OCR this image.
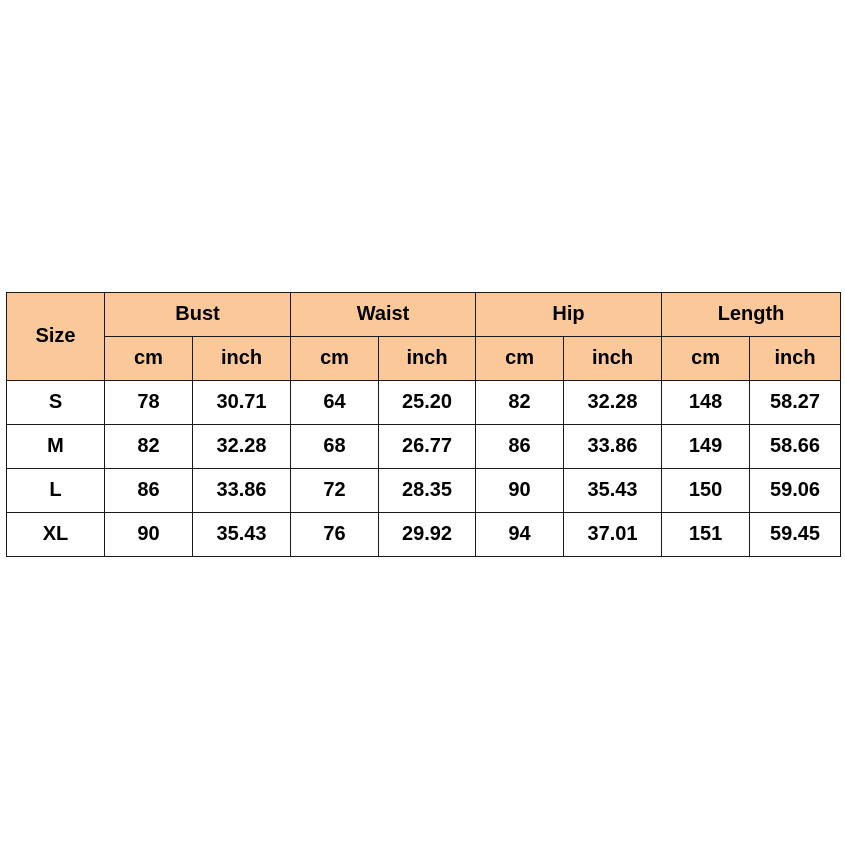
Size	Bust		Waist		Hip		Length	
	cm	inch	cm	inch	cm	inch	cm	inch
S	78	30.71	64	25.20	82	32.28	148	58.27
M	82	32.28	68	26.77	86	33.86	149	58.66
L	86	33.86	72	28.35	90	35.43	150	59.06
XL	90	35.43	76	29.92	94	37.01	151	59.45
